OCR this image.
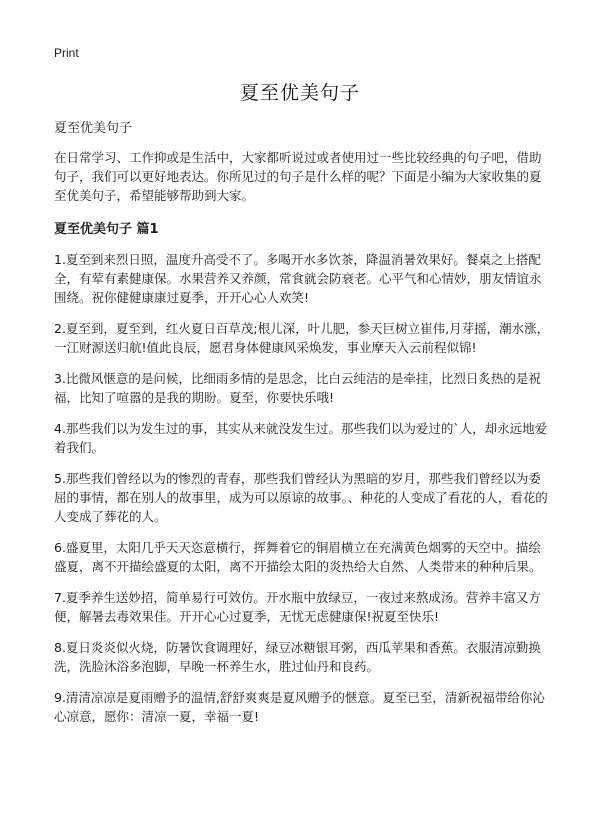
Print
夏至优美句子

夏至优美句子

在日常学习、工作抑或是生活中，大家都听说过或者使用过一些比较经典的句子吧，借助句子，我们可以更好地表达。你所见过的句子是什么样的呢？下面是小编为大家收集的夏至优美句子，希望能够帮助到大家。

夏至优美句子 篇1

1.夏至到来烈日照，温度升高受不了。多喝开水多饮茶，降温消暑效果好。餐桌之上搭配全，有荤有素健康保。水果营养又养颜，常食就会防衰老。心平气和心情妙，朋友情谊永围绕。祝你健健康康过夏季，开开心心人欢笑!

2.夏至到，夏至到，红火夏日百草茂;根儿深，叶儿肥，参天巨树立崔伟,月芽摇，潮水涨，一江财源送归航!值此良辰，愿君身体健康风采焕发，事业摩天入云前程似锦!

3.比微风惬意的是问候，比细雨多情的是思念，比白云纯洁的是牵挂，比烈日炙热的是祝福，比知了喧嚣的是我的期盼。夏至，你要快乐哦!

4.那些我们以为发生过的事，其实从来就没发生过。那些我们以为爱过的`人，却永远地爱着我们。

5.那些我们曾经以为的惨烈的青春，那些我们曾经认为黑暗的岁月，那些我们曾经以为委屈的事情，都在别人的故事里，成为可以原谅的故事。、种花的人变成了看花的人，看花的人变成了葬花的人。

6.盛夏里，太阳几乎天天恣意横行，挥舞着它的铜眉横立在充满黄色烟雾的天空中。描绘盛夏，离不开描绘盛夏的太阳，离不开描绘太阳的炎热给大自然、人类带来的种种后果。

7.夏季养生送妙招，简单易行可效仿。开水瓶中放绿豆，一夜过来熬成汤。营养丰富又方便，解暑去毒效果佳。开开心心过夏季，无忧无虑健康保!祝夏至快乐!

8.夏日炎炎似火烧，防暑饮食调理好，绿豆冰糖银耳粥，西瓜苹果和香蕉。衣服清凉勤换洗，洗脸沐浴多泡脚，早晚一杯养生水，胜过仙丹和良药。

9.清清凉凉是夏雨赠予的温情,舒舒爽爽是夏风赠予的惬意。夏至已至，清新祝福带给你沁心凉意，愿你：清凉一夏，幸福一夏!
